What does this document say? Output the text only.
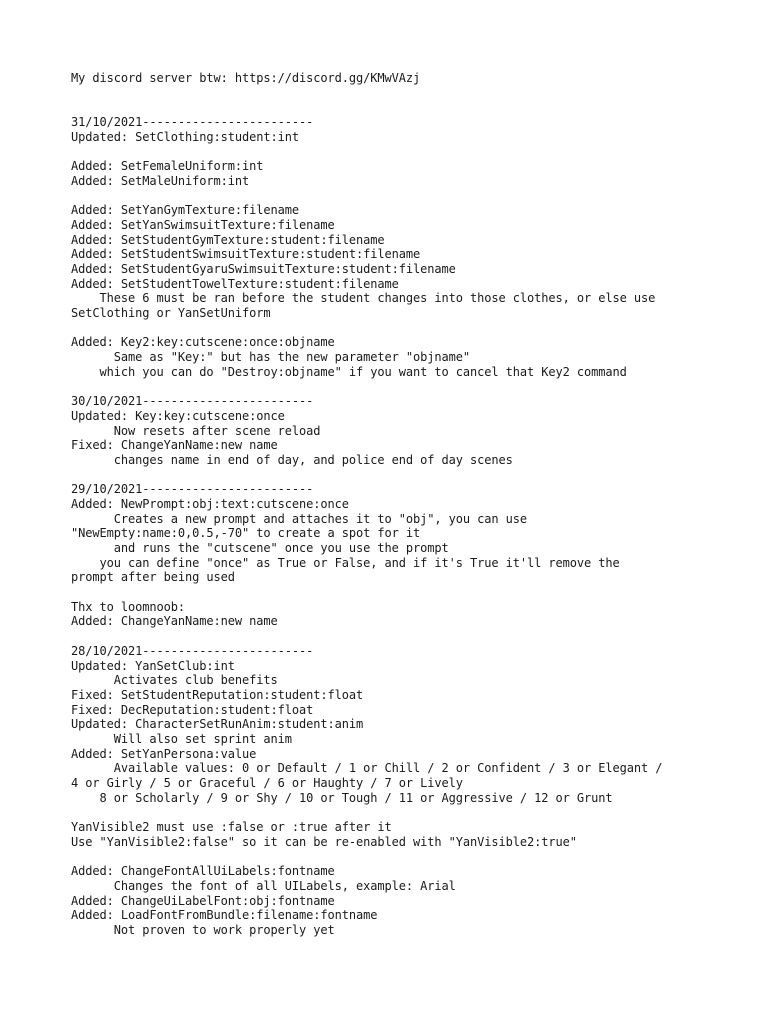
My discord server btw: https://discord.gg/KMwVAzj
31/10/2021------------------------
Updated: SetClothing:student:int
Added: SetFemaleUniform:int
Added: SetMaleUniform:int
Added: SetYanGymTexture:filename
Added: SetYanSwimsuitTexture:filename
Added: SetStudentGymTexture:student:filename
Added: SetStudentSwimsuitTexture:student:filename
Added: SetStudentGyaruSwimsuitTexture:student:filename
Added: SetStudentTowelTexture:student:filename
These 6 must be ran before the student changes into those clothes, or else use
SetClothing or YanSetUniform
Added: Key2:key:cutscene:once:objname
Same as "Key:" but has the new parameter "objname"
which you can do "Destroy:objname" if you want to cancel that Key2 command
30/10/2021------------------------
Updated: Key:key:cutscene:once
Now resets after scene reload
Fixed: ChangeYanName:new name
changes name in end of day, and police end of day scenes
29/10/2021------------------------
Added: NewPrompt:obj:text:cutscene:once
Creates a new prompt and attaches it to "obj", you can use
"NewEmpty:name:0,0.5,-70" to create a spot for it
and runs the "cutscene" once you use the prompt
you can define "once" as True or False, and if it's True it'll remove the
prompt after being used
Thx to loomnoob:
Added: ChangeYanName:new name
28/10/2021------------------------
Updated: YanSetClub:int
Activates club benefits
Fixed: SetStudentReputation:student:float
Fixed: DecReputation:student:float
Updated: CharacterSetRunAnim:student:anim
Will also set sprint anim
Added: SetYanPersona:value
Available values: 0 or Default / 1 or Chill / 2 or Confident / 3 or Elegant /
4 or Girly / 5 or Graceful / 6 or Haughty / 7 or Lively
8 or Scholarly / 9 or Shy / 10 or Tough / 11 or Aggressive / 12 or Grunt
YanVisible2 must use :false or :true after it
Use "YanVisible2:false" so it can be re-enabled with "YanVisible2:true"
Added: ChangeFontAllUiLabels:fontname
Changes the font of all UILabels, example: Arial
Added: ChangeUiLabelFont:obj:fontname
Added: LoadFontFromBundle:filename:fontname
Not proven to work properly yet
